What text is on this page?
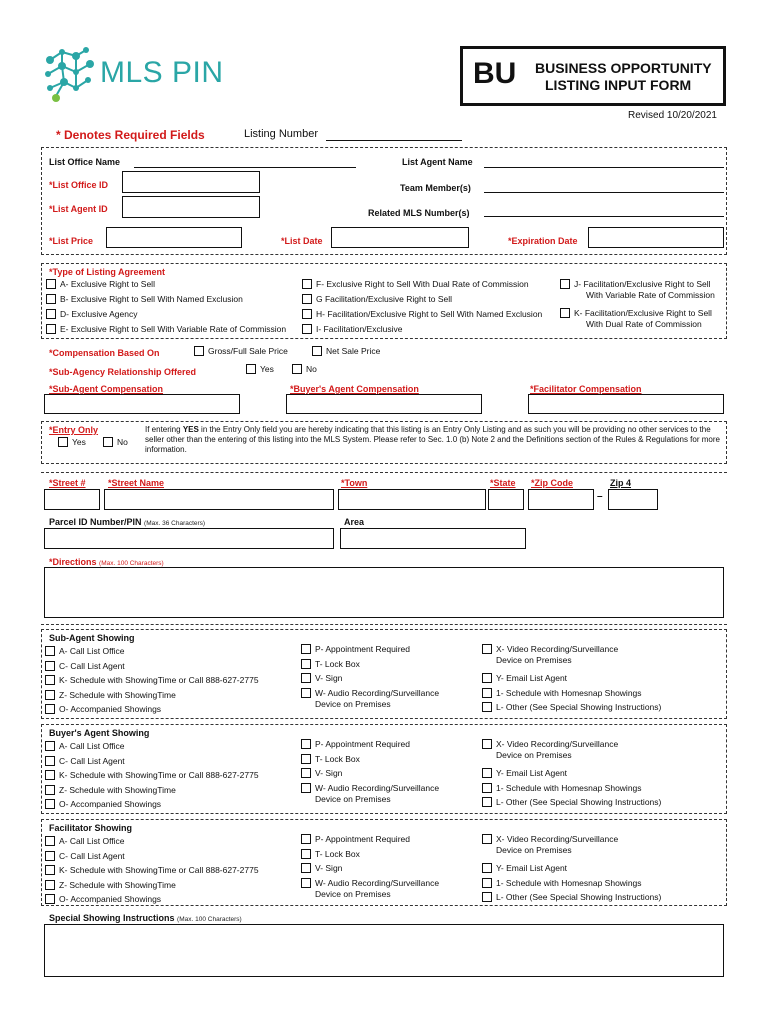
MLS PIN	BU BUSINESS OPPORTUNITY
LISTING INPUT FORM
Revised 10/20/2021
* Denotes Required Fields	Listing Number
List Office Name	List Agent Name
*List Office ID	Team Member(s)
*List Agent ID	Related MLS Number(s)
*List Price	*List Date	*Expiration Date
*Type of Listing Agreement
A- Exclusive Right to Sell
B- Exclusive Right to Sell With Named Exclusion
D- Exclusive Agency
E- Exclusive Right to Sell With Variable Rate of Commission
F- Exclusive Right to Sell With Dual Rate of Commission
G Facilitation/Exclusive Right to Sell
H- Facilitation/Exclusive Right to Sell With Named Exclusion
I- Facilitation/Exclusive
J- Facilitation/Exclusive Right to Sell
With Variable Rate of Commission
K- Facilitation/Exclusive Right to Sell
With Dual Rate of Commission
*Compensation Based On	Gross/Full Sale Price	Net Sale Price
*Sub-Agency Relationship Offered	Yes	No
*Sub-Agent Compensation	*Buyer's Agent Compensation	*Facilitator Compensation
*Entry Only
Yes	No
If entering YES in the Entry Only field you are hereby indicating that this listing is an Entry Only Listing and as such you will be providing no other services to the seller other than the entering of this listing into the MLS System. Please refer to Sec. 1.0 (b) Note 2 and the Definitions section of the Rules & Regulations for more information.
*Street # *Street Name	*Town	*State *Zip Code
–
Zip 4
Parcel ID Number/PIN (Max. 36 Characters)	Area
*Directions (Max. 100 Characters)
Sub-Agent Showing
A- Call List Office
C- Call List Agent
K- Schedule with ShowingTime or Call 888-627-2775
Z- Schedule with ShowingTime
O- Accompanied Showings
P- Appointment Required
T- Lock Box
V- Sign
W- Audio Recording/Surveillance
Device on Premises
X- Video Recording/Surveillance
Device on Premises
Y- Email List Agent
1- Schedule with Homesnap Showings
L- Other (See Special Showing Instructions)
Buyer's Agent Showing
A- Call List Office
C- Call List Agent
K- Schedule with ShowingTime or Call 888-627-2775
Z- Schedule with ShowingTime
O- Accompanied Showings
P- Appointment Required
T- Lock Box
V- Sign
W- Audio Recording/Surveillance
Device on Premises
X- Video Recording/Surveillance
Device on Premises
Y- Email List Agent
1- Schedule with Homesnap Showings
L- Other (See Special Showing Instructions)
Facilitator Showing
A- Call List Office
C- Call List Agent
K- Schedule with ShowingTime or Call 888-627-2775
Z- Schedule with ShowingTime
O- Accompanied Showings
P- Appointment Required
T- Lock Box
V- Sign
W- Audio Recording/Surveillance
Device on Premises
X- Video Recording/Surveillance
Device on Premises
Y- Email List Agent
1- Schedule with Homesnap Showings
L- Other (See Special Showing Instructions)
Special Showing Instructions (Max. 100 Characters)
